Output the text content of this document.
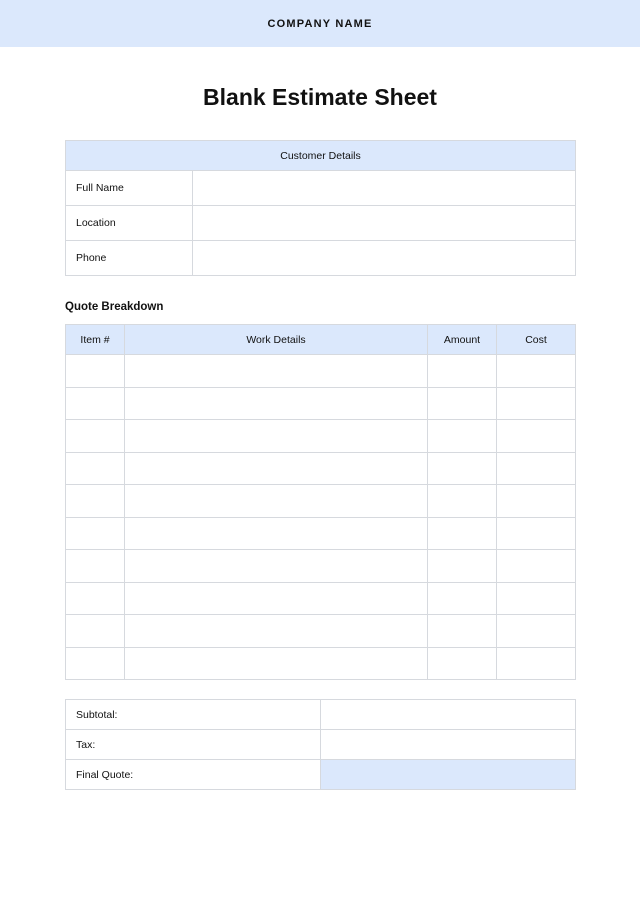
COMPANY NAME
Blank Estimate Sheet
Customer Details	
Full Name	
Location	
Phone	
Quote Breakdown
Item #	Work Details	Amount	Cost

Subtotal:	
Tax:	
Final Quote:	
